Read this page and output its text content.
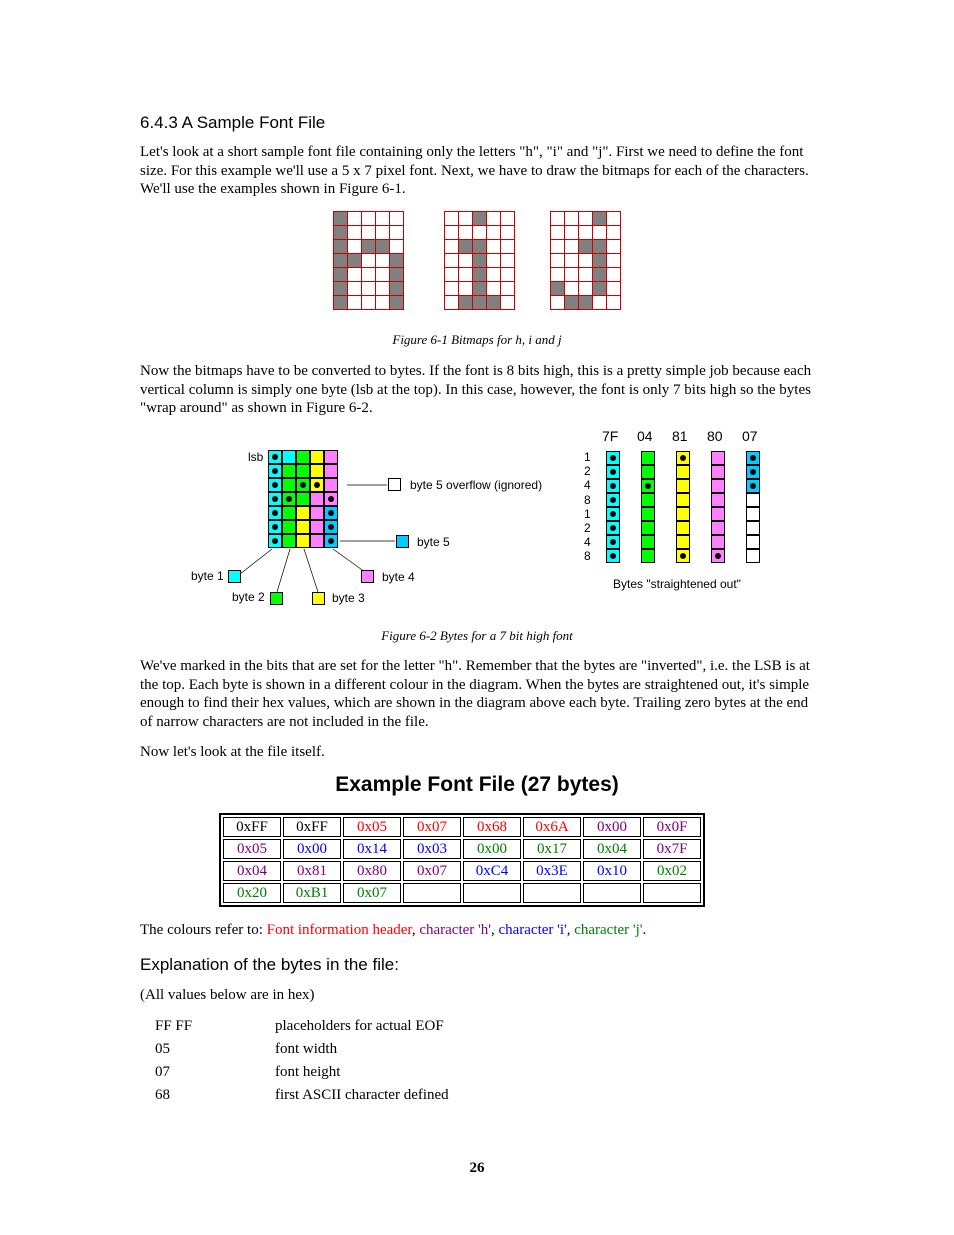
6.4.3 A Sample Font File
Let's look at a short sample font file containing only the letters "h", "i" and "j". First we need to define the font size. For this example we'll use a 5 x 7 pixel font. Next, we have to draw the bitmaps for each of the characters. We'll use the examples shown in Figure 6-1.
Figure 6-1 Bitmaps for h, i and j
Now the bitmaps have to be converted to bytes. If the font is 8 bits high, this is a pretty simple job because each vertical column is simply one byte (lsb at the top). In this case, however, the font is only 7 bits high so the bytes "wrap around" as shown in Figure 6-2.
lsb
byte 5 overflow (ignored)
byte 5
byte 1
byte 2	byte 3
byte 4
7F 04 81 80 07
1
2
4
8
1
2
4
8
Bytes "straightened out"
Figure 6-2 Bytes for a 7 bit high font
We've marked in the bits that are set for the letter "h". Remember that the bytes are "inverted", i.e. the LSB is at the top. Each byte is shown in a different colour in the diagram. When the bytes are straightened out, it's simple enough to find their hex values, which are shown in the diagram above each byte. Trailing zero bytes at the end of narrow characters are not included in the file.
Now let's look at the file itself.
Example Font File (27 bytes)
0xFF	0xFF	0x05	0x07	0x68	0x6A	0x00	0x0F
0x05	0x00	0x14	0x03	0x00	0x17	0x04	0x7F
0x04	0x81	0x80	0x07	0xC4	0x3E	0x10	0x02
0x20	0xB1	0x07					
The colours refer to: Font information header, character 'h', character 'i', character 'j'.
Explanation of the bytes in the file:
(All values below are in hex)
FF FF	placeholders for actual EOF
05	font width
07	font height
68	first ASCII character defined
26
